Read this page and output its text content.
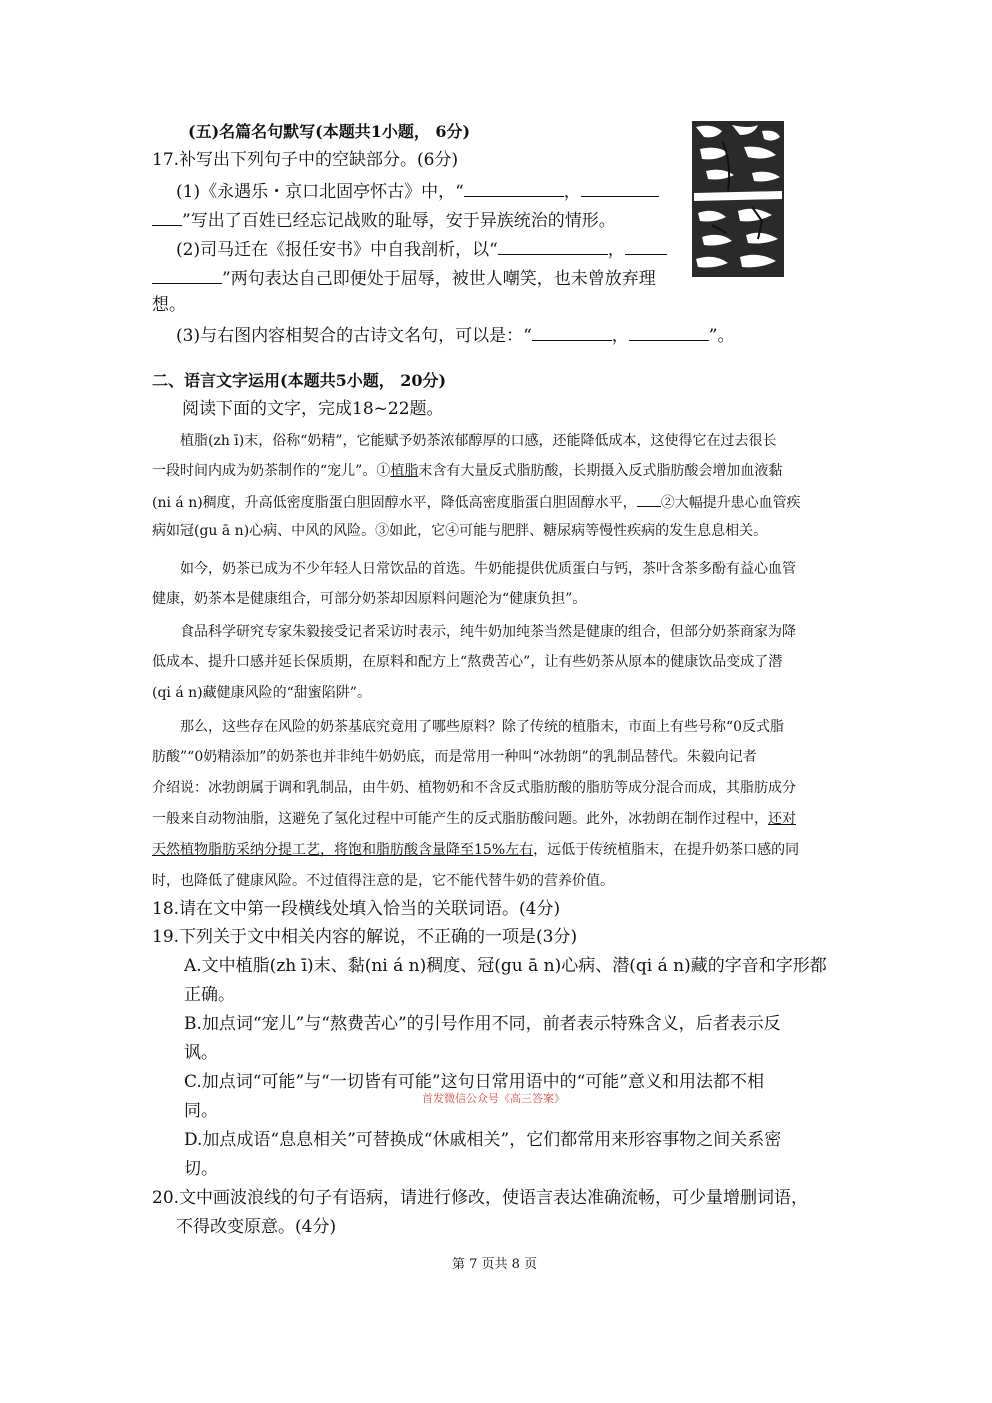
(五)名篇名句默写(本题共1小题， 6分)
17.补写出下列句子中的空缺部分。(6分)
(1)《永遇乐・京口北固亭怀古》中，“	，
”写出了百姓已经忘记战败的耻辱，安于异族统治的情形。
(2)司马迁在《报任安书》中自我剖析，以“	，
”两句表达自己即便处于屈辱，被世人嘲笑，也未曾放弃理
想。
(3)与右图内容相契合的古诗文名句，可以是：“	，	”。
二、语言文字运用(本题共5小题， 20分)
阅读下面的文字，完成18~22题。
植脂(zh ī)末，俗称“奶精”，它能赋予奶茶浓郁醇厚的口感，还能降低成本，这使得它在过去很长
一段时间内成为奶茶制作的“宠儿”。①植脂末含有大量反式脂肪酸，长期摄入反式脂肪酸会增加血液黏
(ni á n)稠度，升高低密度脂蛋白胆固醇水平，降低高密度脂蛋白胆固醇水平， ②大幅提升患心血管疾
病如冠(gu ā n)心病、中风的风险。③如此，它④可能与肥胖、糖尿病等慢性疾病的发生息息相关。
如今，奶茶已成为不少年轻人日常饮品的首选。牛奶能提供优质蛋白与钙，茶叶含茶多酚有益心血管
健康，奶茶本是健康组合，可部分奶茶却因原料问题沦为“健康负担”。
食品科学研究专家朱毅接受记者采访时表示，纯牛奶加纯茶当然是健康的组合，但部分奶茶商家为降
低成本、提升口感并延长保质期，在原料和配方上“熬费苦心”，让有些奶茶从原本的健康饮品变成了潜
(qi á n)藏健康风险的“甜蜜陷阱”。
那么，这些存在风险的奶茶基底究竟用了哪些原料？除了传统的植脂末，市面上有些号称“0反式脂
肪酸”“0奶精添加”的奶茶也并非纯牛奶奶底，而是常用一种叫“冰勃朗”的乳制品替代。朱毅向记者
介绍说：冰勃朗属于调和乳制品，由牛奶、植物奶和不含反式脂肪酸的脂肪等成分混合而成，其脂肪成分
一般来自动物油脂，这避免了氢化过程中可能产生的反式脂肪酸问题。此外，冰勃朗在制作过程中，还对
天然植物脂肪采纳分提工艺，将饱和脂肪酸含量降至15%左右，远低于传统植脂末，在提升奶茶口感的同
时，也降低了健康风险。不过值得注意的是，它不能代替牛奶的营养价值。
18.请在文中第一段横线处填入恰当的关联词语。(4分)
19.下列关于文中相关内容的解说，不正确的一项是(3分)
A.文中植脂(zh ī)末、黏(ni á n)稠度、冠(gu ā n)心病、潜(qi á n)藏的字音和字形都
正确。
B.加点词“宠儿”与“熬费苦心”的引号作用不同，前者表示特殊含义，后者表示反
讽。
C.加点词“可能”与“一切皆有可能”这句日常用语中的“可能”意义和用法都不相
首发微信公众号《高三答案》
同。
D.加点成语“息息相关”可替换成“休戚相关”，它们都常用来形容事物之间关系密
切。
20.文中画波浪线的句子有语病，请进行修改，使语言表达准确流畅，可少量增删词语，
不得改变原意。(4分)
第 7 页共 8 页
